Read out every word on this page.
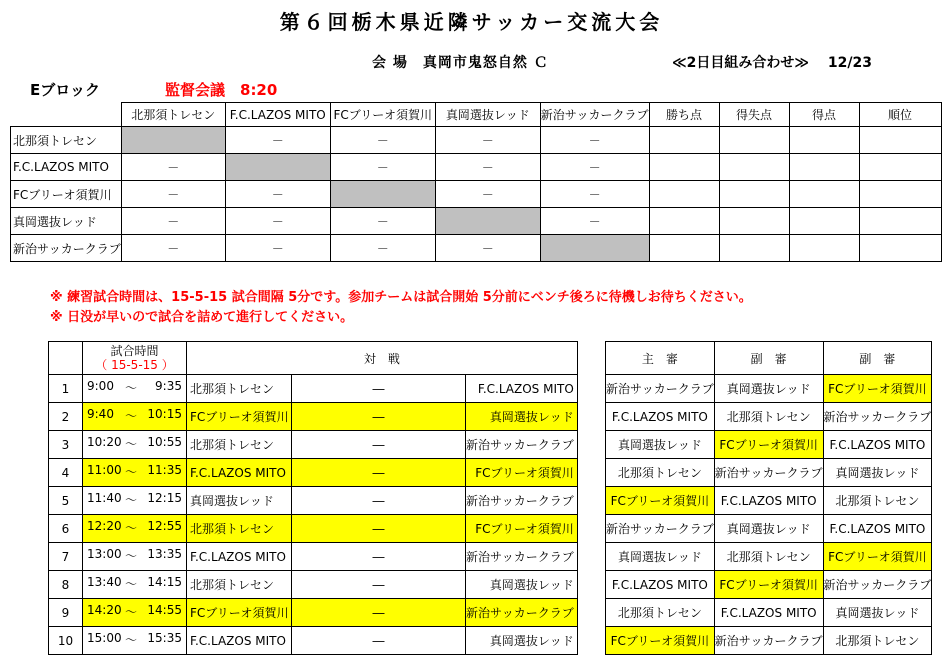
第６回栃木県近隣サッカー交流大会
会 場　真岡市鬼怒自然 Ｃ	≪2日目組み合わせ≫　 12/23
Eブロック	監督会議　8:20
	北那須トレセン	F.C.LAZOS MITO	FCブリーオ須賀川	真岡選抜レッド	新治サッカークラブ	勝ち点	得失点	得点	順位
北那須トレセン		－	－	－	－				
F.C.LAZOS MITO	－		－	－	－				
FCブリーオ須賀川	－	－		－	－				
真岡選抜レッド	－	－	－		－				
新治サッカークラブ	－	－	－	－					
※ 練習試合時間は、15-5-15 試合間隔 5分です。参加チームは試合開始 5分前にベンチ後ろに待機しお待ちください。
※ 日没が早いので試合を詰めて進行してください。

	試合時間
（ 15-5-15 ）	対　戦		
1	9:00 ～ 9:35	北那須トレセン	―	F.C.LAZOS MITO
2	9:40 ～ 10:15	FCブリーオ須賀川	―	真岡選抜レッド
3	10:20 ～ 10:55	北那須トレセン	―	新治サッカークラブ
4	11:00 ～ 11:35	F.C.LAZOS MITO	―	FCブリーオ須賀川
5	11:40 ～ 12:15	真岡選抜レッド	―	新治サッカークラブ
6	12:20 ～ 12:55	北那須トレセン	―	FCブリーオ須賀川
7	13:00 ～ 13:35	F.C.LAZOS MITO	―	新治サッカークラブ
8	13:40 ～ 14:15	北那須トレセン	―	真岡選抜レッド
9	14:20 ～ 14:55	FCブリーオ須賀川	―	新治サッカークラブ
10	15:00 ～ 15:35	F.C.LAZOS MITO	―	真岡選抜レッド
主　審	副　審	副　審
新治サッカークラブ	真岡選抜レッド	FCブリーオ須賀川
F.C.LAZOS MITO	北那須トレセン	新治サッカークラブ
真岡選抜レッド	FCブリーオ須賀川	F.C.LAZOS MITO
北那須トレセン	新治サッカークラブ	真岡選抜レッド
FCブリーオ須賀川	F.C.LAZOS MITO	北那須トレセン
新治サッカークラブ	真岡選抜レッド	F.C.LAZOS MITO
真岡選抜レッド	北那須トレセン	FCブリーオ須賀川
F.C.LAZOS MITO	FCブリーオ須賀川	新治サッカークラブ
北那須トレセン	F.C.LAZOS MITO	真岡選抜レッド
FCブリーオ須賀川	新治サッカークラブ	北那須トレセン
